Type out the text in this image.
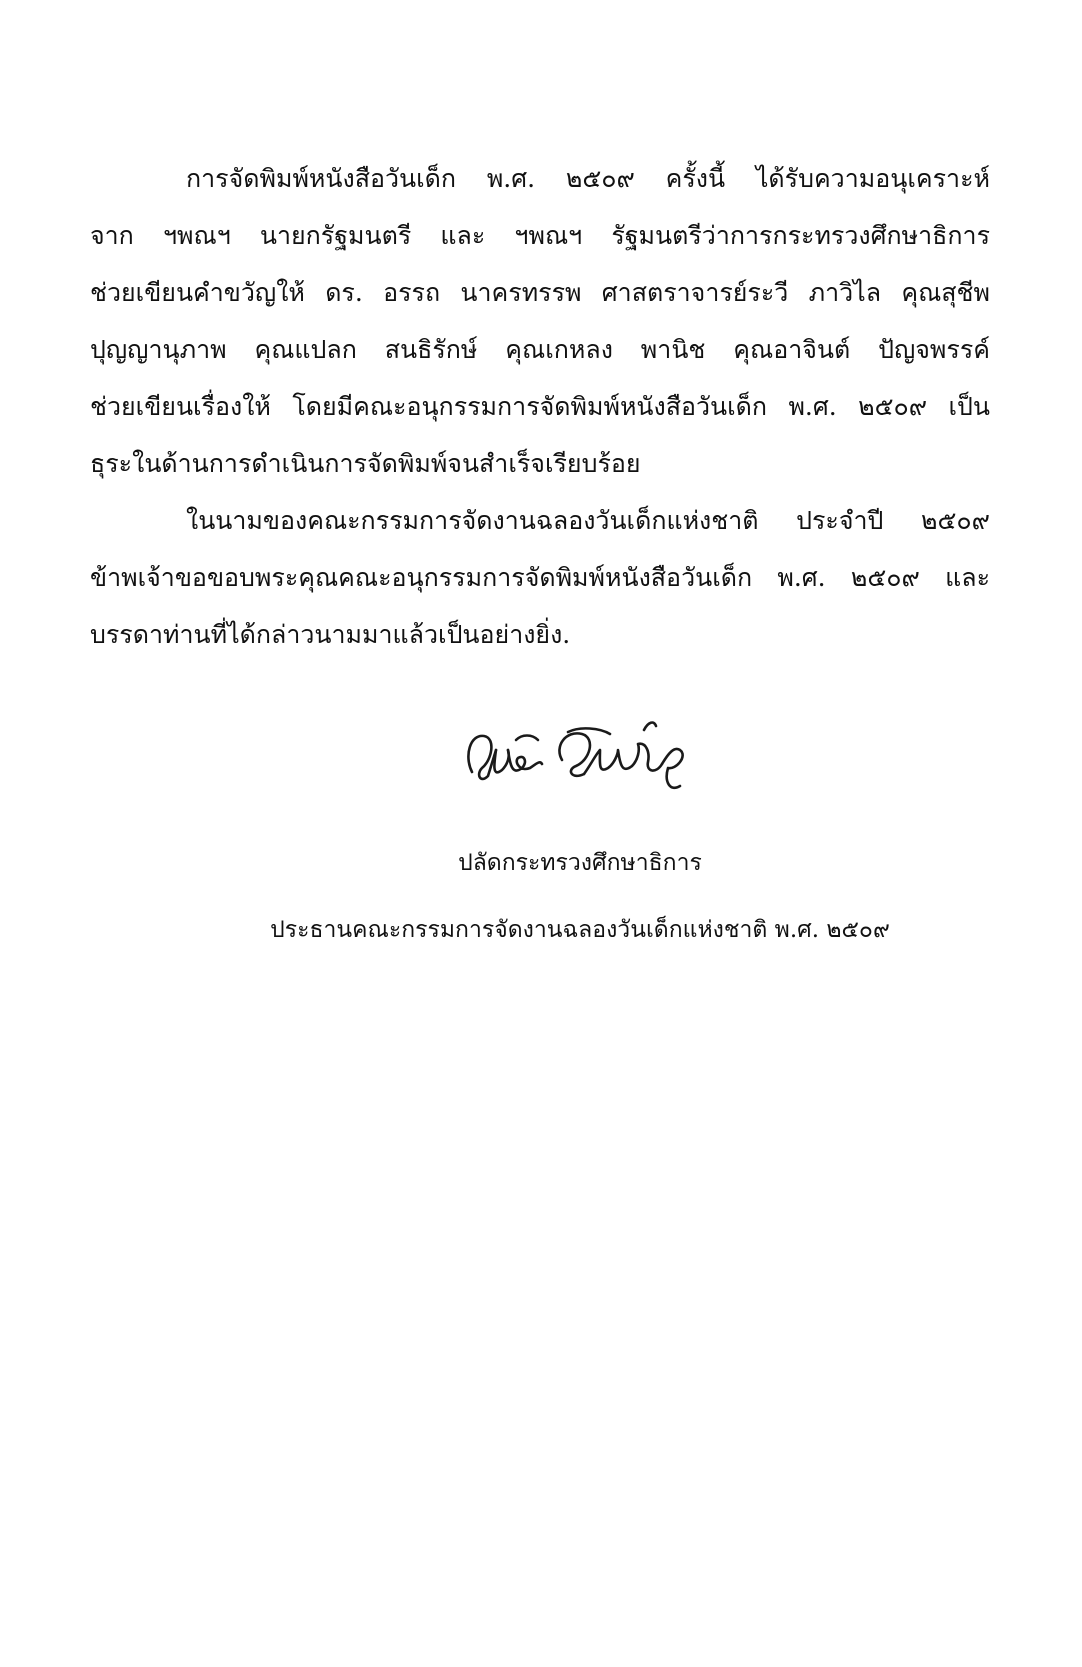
การจัดพิมพ์หนังสือวันเด็ก พ.ศ. ๒๕๐๙ ครั้งนี้ ได้รับความอนุเคราะห์
จาก ฯพณฯ นายกรัฐมนตรี และ ฯพณฯ รัฐมนตรีว่าการกระทรวงศึกษาธิการ
ช่วยเขียนคำขวัญให้ ดร. อรรถ นาครทรรพ ศาสตราจารย์ระวี ภาวิไล คุณสุชีพ
ปุญญานุภาพ คุณแปลก สนธิรักษ์ คุณเกหลง พานิช คุณอาจินต์ ปัญจพรรค์
ช่วยเขียนเรื่องให้ โดยมีคณะอนุกรรมการจัดพิมพ์หนังสือวันเด็ก พ.ศ. ๒๕๐๙ เป็น
ธุระในด้านการดำเนินการจัดพิมพ์จนสำเร็จเรียบร้อย
ในนามของคณะกรรมการจัดงานฉลองวันเด็กแห่งชาติ ประจำปี ๒๕๐๙
ข้าพเจ้าขอขอบพระคุณคณะอนุกรรมการจัดพิมพ์หนังสือวันเด็ก พ.ศ. ๒๕๐๙ และ
บรรดาท่านที่ได้กล่าวนามมาแล้วเป็นอย่างยิ่ง.
ปลัดกระทรวงศึกษาธิการ
ประธานคณะกรรมการจัดงานฉลองวันเด็กแห่งชาติ พ.ศ. ๒๕๐๙
